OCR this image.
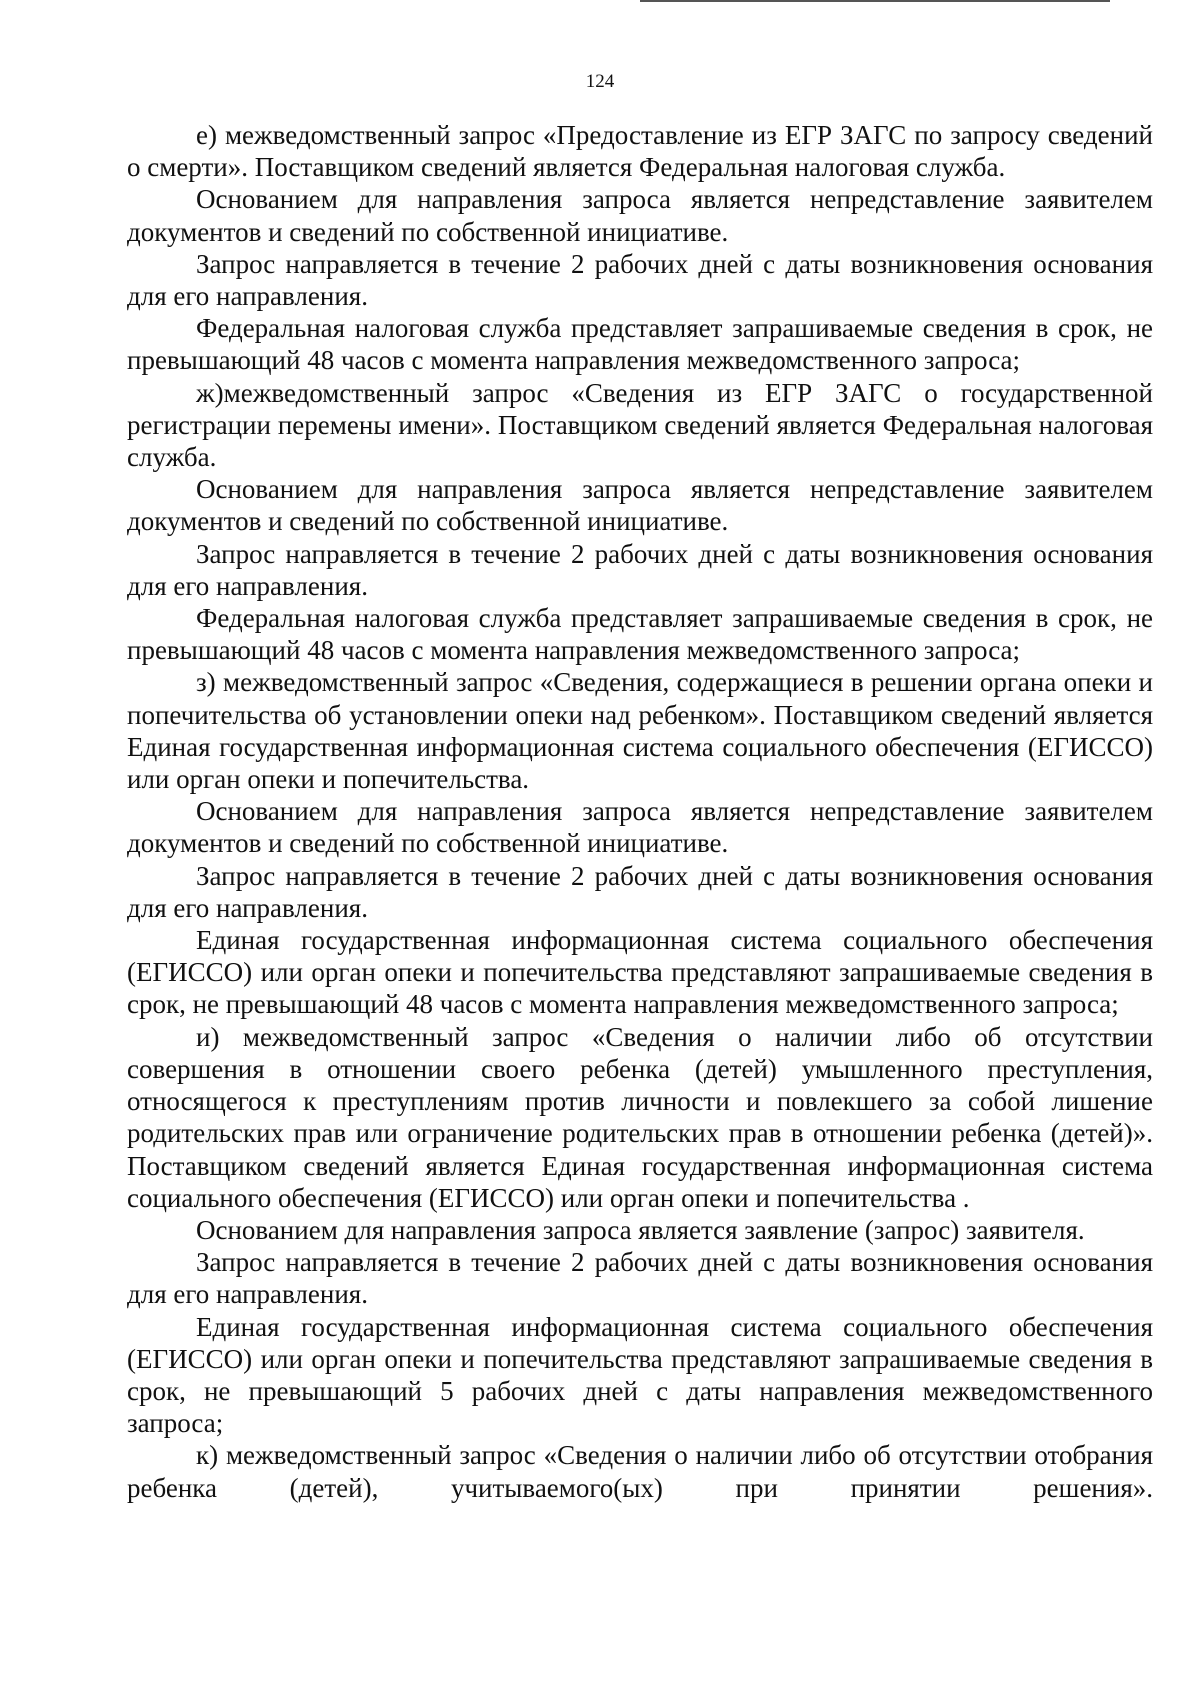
124

е) межведомственный запрос «Предоставление из ЕГР ЗАГС по запросу сведений о смерти». Поставщиком сведений является Федеральная налоговая служба.

Основанием для направления запроса является непредставление заявителем документов и сведений по собственной инициативе.

Запрос направляется в течение 2 рабочих дней с даты возникновения основания для его направления.

Федеральная налоговая служба представляет запрашиваемые сведения в срок, не превышающий 48 часов с момента направления межведомственного запроса;

ж)межведомственный запрос «Сведения из ЕГР ЗАГС о государственной регистрации перемены имени». Поставщиком сведений является Федеральная налоговая служба.

Основанием для направления запроса является непредставление заявителем документов и сведений по собственной инициативе.

Запрос направляется в течение 2 рабочих дней с даты возникновения основания для его направления.

Федеральная налоговая служба представляет запрашиваемые сведения в срок, не превышающий 48 часов с момента направления межведомственного запроса;

з) межведомственный запрос «Сведения, содержащиеся в решении органа опеки и попечительства об установлении опеки над ребенком». Поставщиком сведений является Единая государственная информационная система социального обеспечения (ЕГИССО) или орган опеки и попечительства.

Основанием для направления запроса является непредставление заявителем документов и сведений по собственной инициативе.

Запрос направляется в течение 2 рабочих дней с даты возникновения основания для его направления.

Единая государственная информационная система социального обеспечения (ЕГИССО) или орган опеки и попечительства представляют запрашиваемые сведения в срок, не превышающий 48 часов с момента направления межведомственного запроса;

и) межведомственный запрос «Сведения о наличии либо об отсутствии совершения в отношении своего ребенка (детей) умышленного преступления, относящегося к преступлениям против личности и повлекшего за собой лишение родительских прав или ограничение родительских прав в отношении ребенка (детей)». Поставщиком сведений является Единая государственная информационная система социального обеспечения (ЕГИССО) или орган опеки и попечительства .

Основанием для направления запроса является заявление (запрос) заявителя.

Запрос направляется в течение 2 рабочих дней с даты возникновения основания для его направления.

Единая государственная информационная система социального обеспечения (ЕГИССО) или орган опеки и попечительства представляют запрашиваемые сведения в срок, не превышающий 5 рабочих дней с даты направления межведомственного запроса;

к) межведомственный запрос «Сведения о наличии либо об отсутствии отобрания ребенка (детей), учитываемого(ых) при принятии решения».
